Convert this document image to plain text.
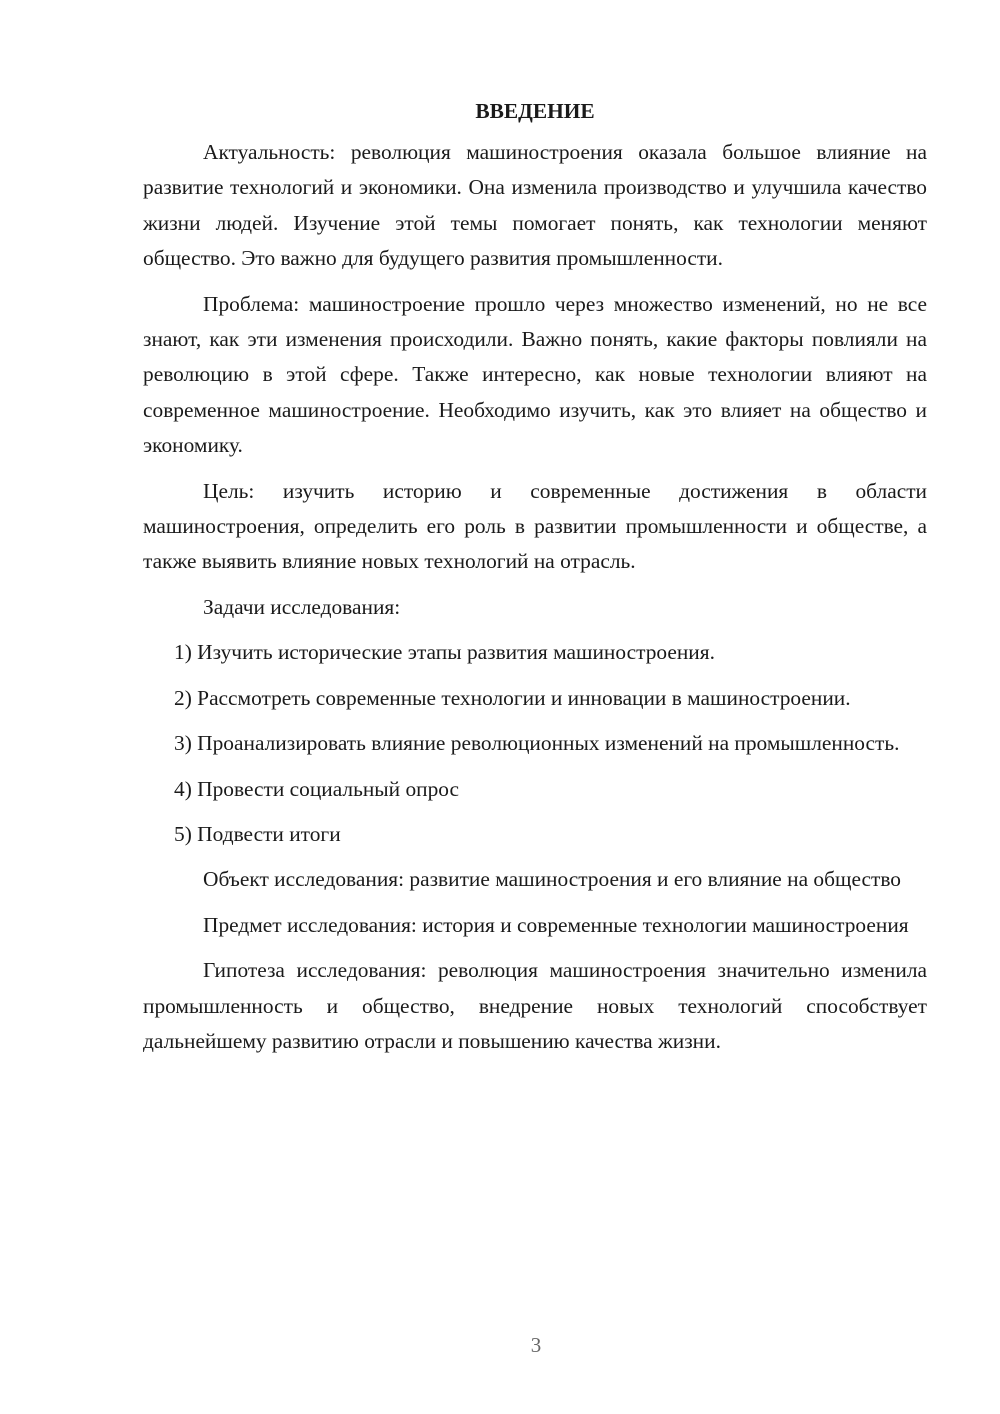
ВВЕДЕНИЕ

Актуальность: революция машиностроения оказала большое влияние на развитие технологий и экономики. Она изменила производство и улучшила качество жизни людей. Изучение этой темы помогает понять, как технологии меняют общество. Это важно для будущего развития промышленности.

Проблема: машиностроение прошло через множество изменений, но не все знают, как эти изменения происходили. Важно понять, какие факторы повлияли на революцию в этой сфере. Также интересно, как новые технологии влияют на современное машиностроение. Необходимо изучить, как это влияет на общество и экономику.

Цель: изучить историю и современные достижения в области машиностроения, определить его роль в развитии промышленности и обществе, а также выявить влияние новых технологий на отрасль.

Задачи исследования:

1) Изучить исторические этапы развития машиностроения.

2) Рассмотреть современные технологии и инновации в машиностроении.

3) Проанализировать влияние революционных изменений на промышленность.

4) Провести социальный опрос

5) Подвести итоги

Объект исследования: развитие машиностроения и его влияние на общество

Предмет исследования: история и современные технологии машиностроения

Гипотеза исследования: революция машиностроения значительно изменила промышленность и общество, внедрение новых технологий способствует дальнейшему развитию отрасли и повышению качества жизни.

3
